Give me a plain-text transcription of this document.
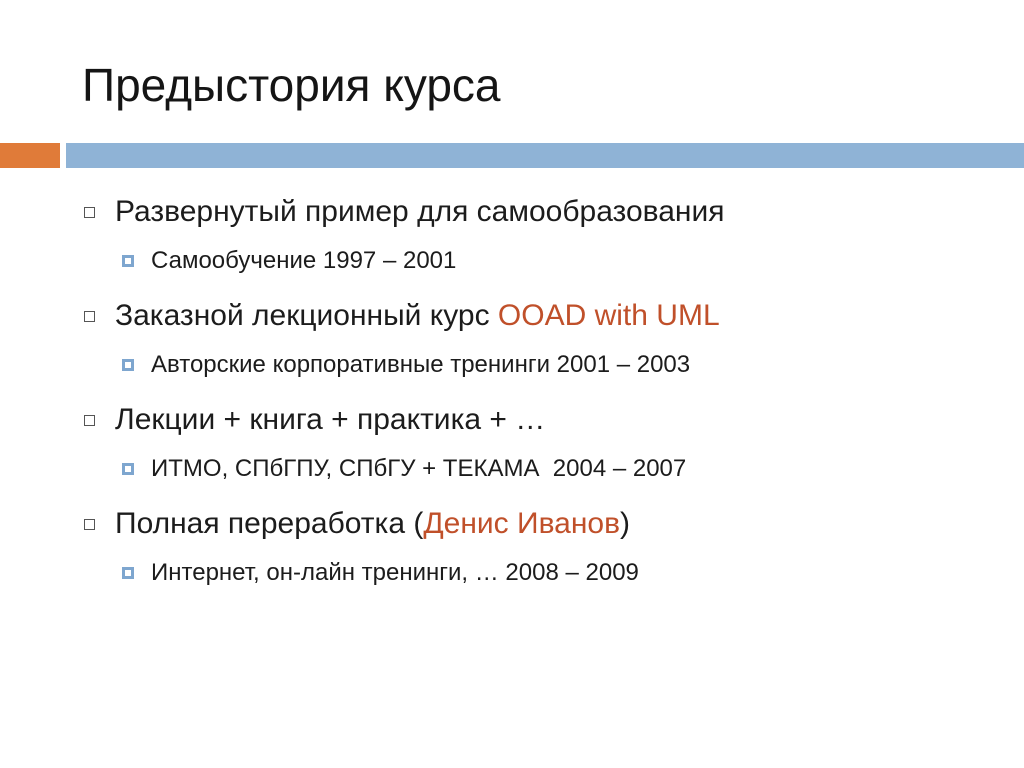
Предыстория курса
Развернутый пример для самообразования
Самообучение 1997 – 2001
Заказной лекционный курс OOAD with UML
Авторские корпоративные тренинги 2001 – 2003
Лекции + книга + практика + …
ИТМО, СПбГПУ, СПбГУ + ТЕКАМА  2004 – 2007
Полная переработка (Денис Иванов)
Интернет, он-лайн тренинги, … 2008 – 2009
